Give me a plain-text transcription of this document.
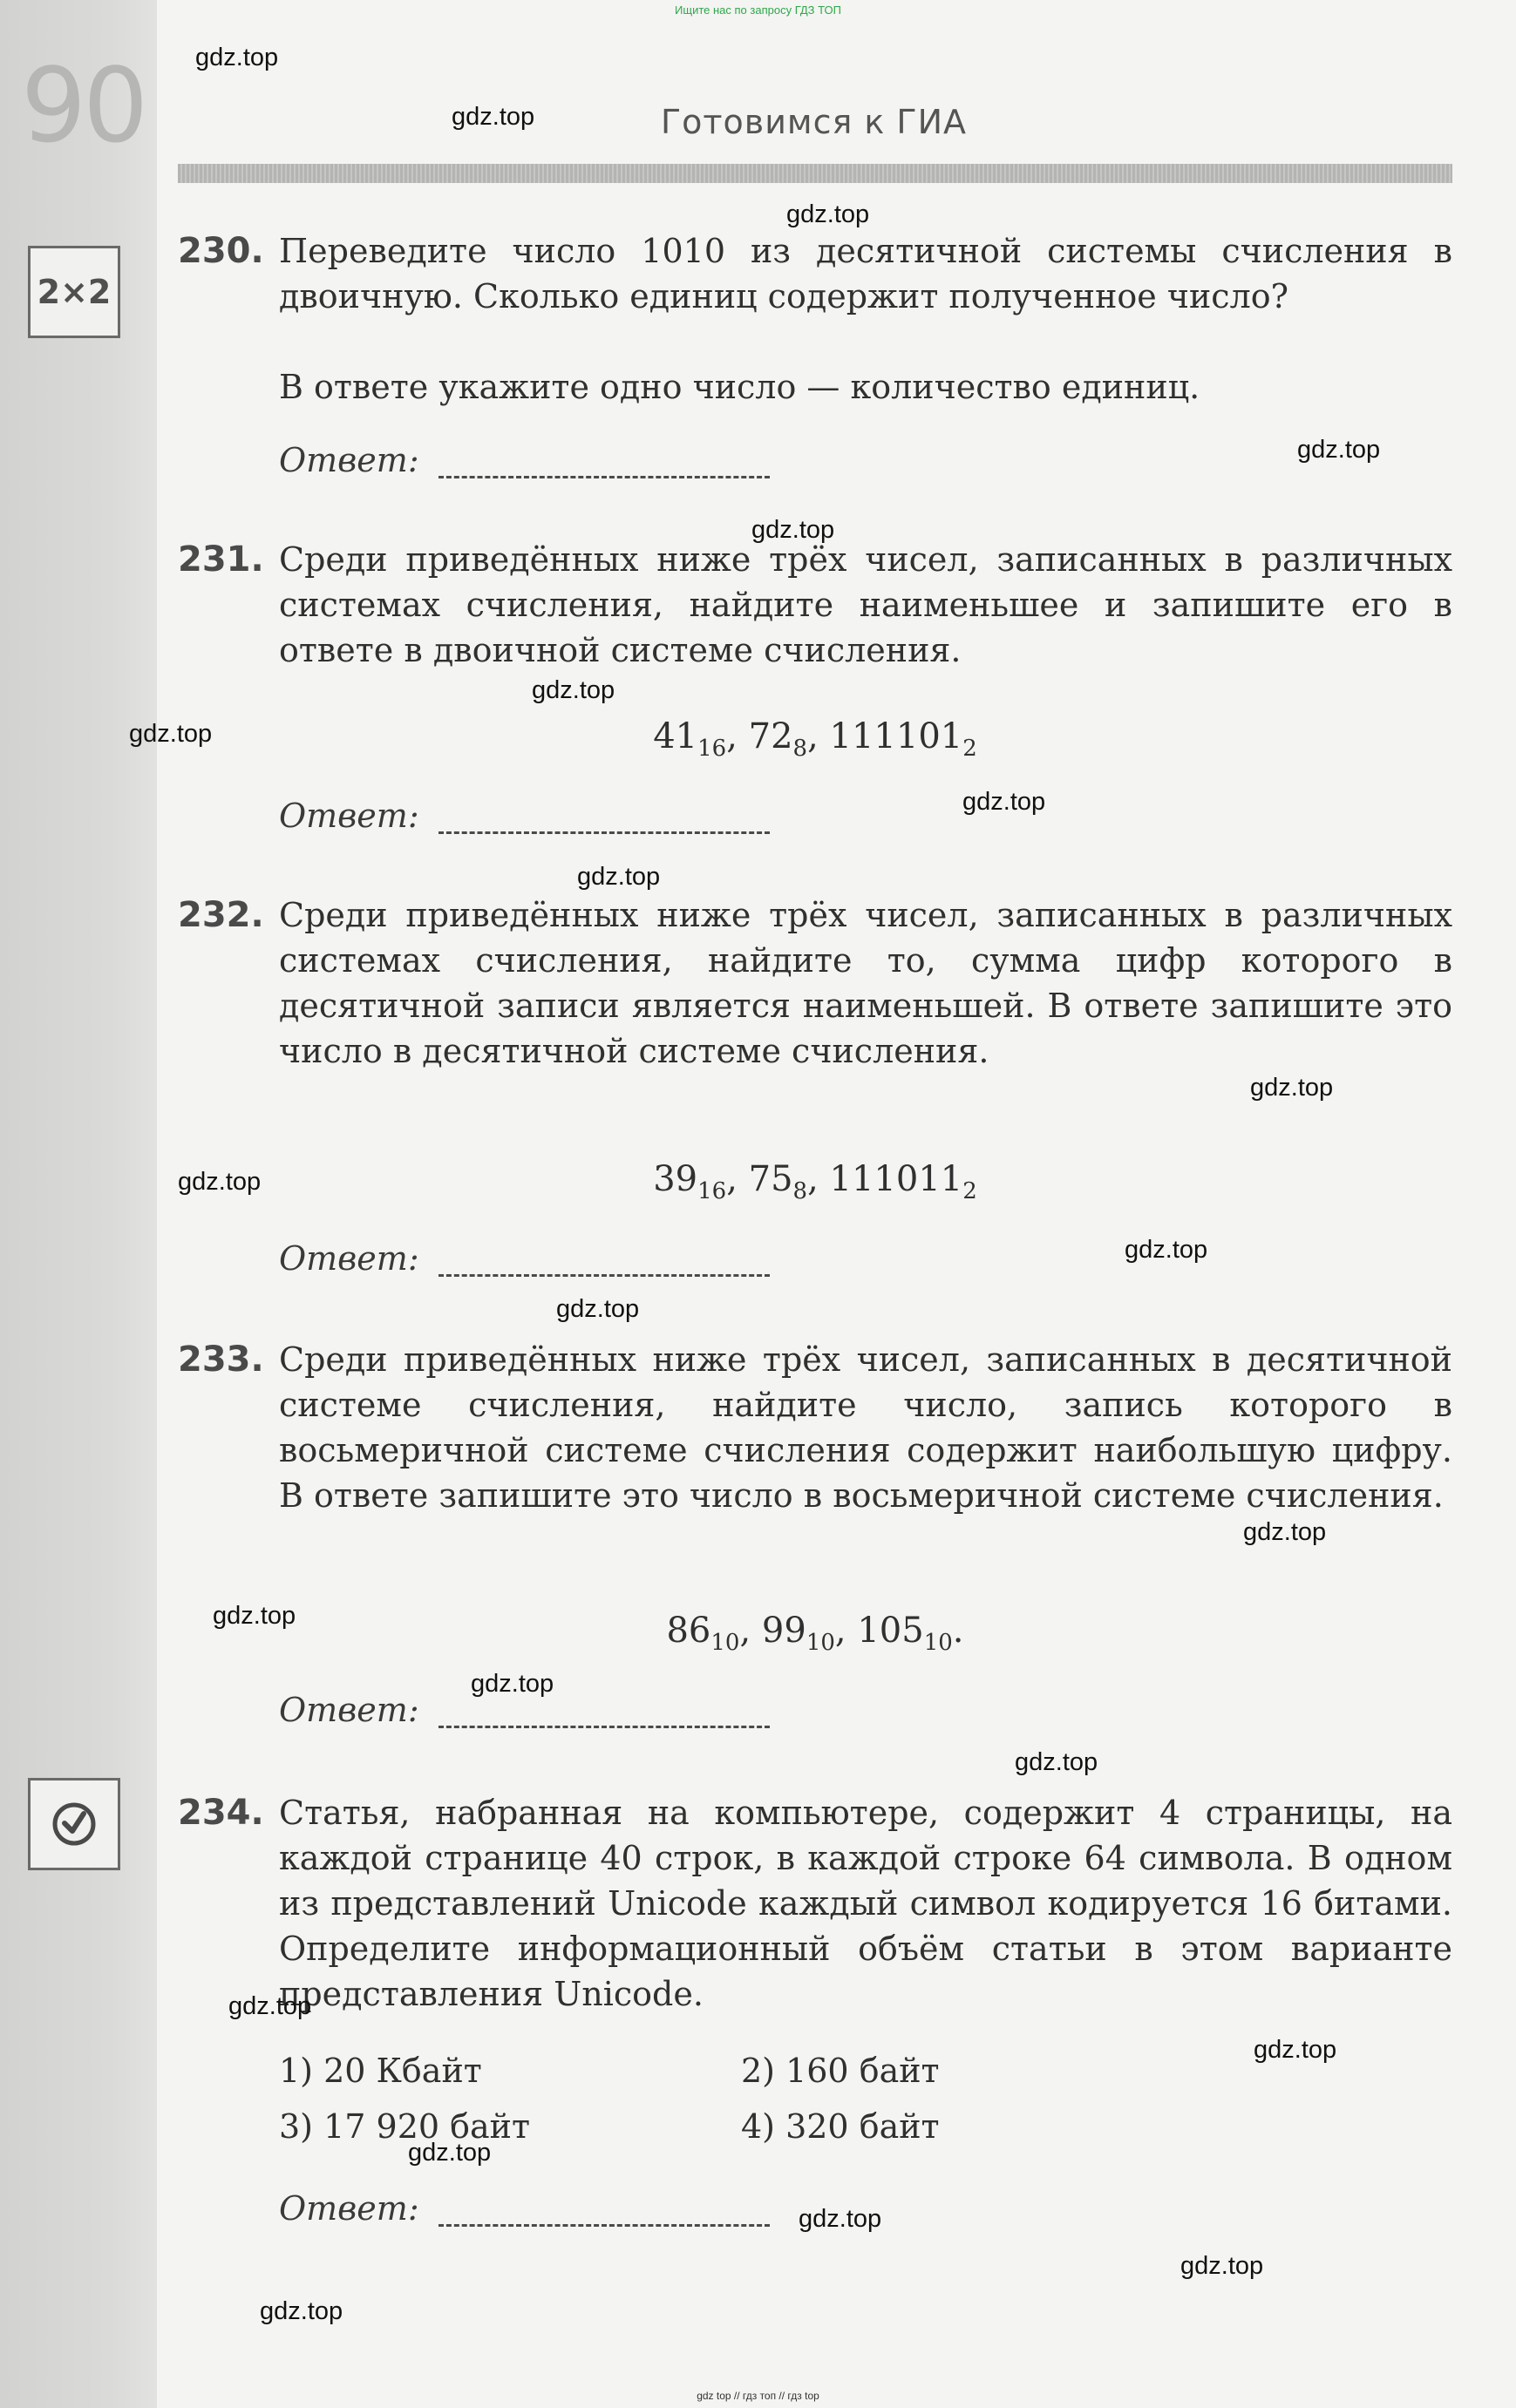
Ищите нас по запросу ГДЗ ТОП
90	Готовимся к ГИА
2×2
230. Переведите число 1010 из десятичной системы счисления в двоичную. Сколько единиц содержит полученное число?
В ответе укажите одно число — количество единиц.
Ответ:
231. Среди приведённых ниже трёх чисел, записанных в различных системах счисления, найдите наименьшее и запишите его в ответе в двоичной системе счисления.
$41_{16}$, $72_8$, $111101_2$
Ответ:
232. Среди приведённых ниже трёх чисел, записанных в различных системах счисления, найдите то, сумма цифр которого в десятичной записи является наименьшей. В ответе запишите это число в десятичной системе счисления.
$39_{16}$, $75_8$, $111011_2$
Ответ:
233. Среди приведённых ниже трёх чисел, записанных в десятичной системе счисления, найдите число, запись которого в восьмеричной системе счисления содержит наибольшую цифру. В ответе запишите это число в восьмеричной системе счисления.
$86_{10}$, $99_{10}$, $105_{10}$.
Ответ:
234. Статья, набранная на компьютере, содержит 4 страницы, на каждой странице 40 строк, в каждой строке 64 символа. В одном из представлений Unicode каждый символ кодируется 16 битами. Определите информационный объём статьи в этом варианте представления Unicode.
1) 20 Кбайт	2) 160 байт
3) 17 920 байт	4) 320 байт
Ответ:
gdz.top
gdz.top
gdz.top
gdz.top
gdz.top
gdz.top
gdz.top
gdz.top
gdz.top
gdz.top
gdz.top
gdz.top
gdz.top
gdz.top
gdz.top
gdz.top
gdz.top
gdz.top
gdz.top
gdz.top
gdz.top
gdz.top
gdz.top
gdz top // гдз топ // гдз top
